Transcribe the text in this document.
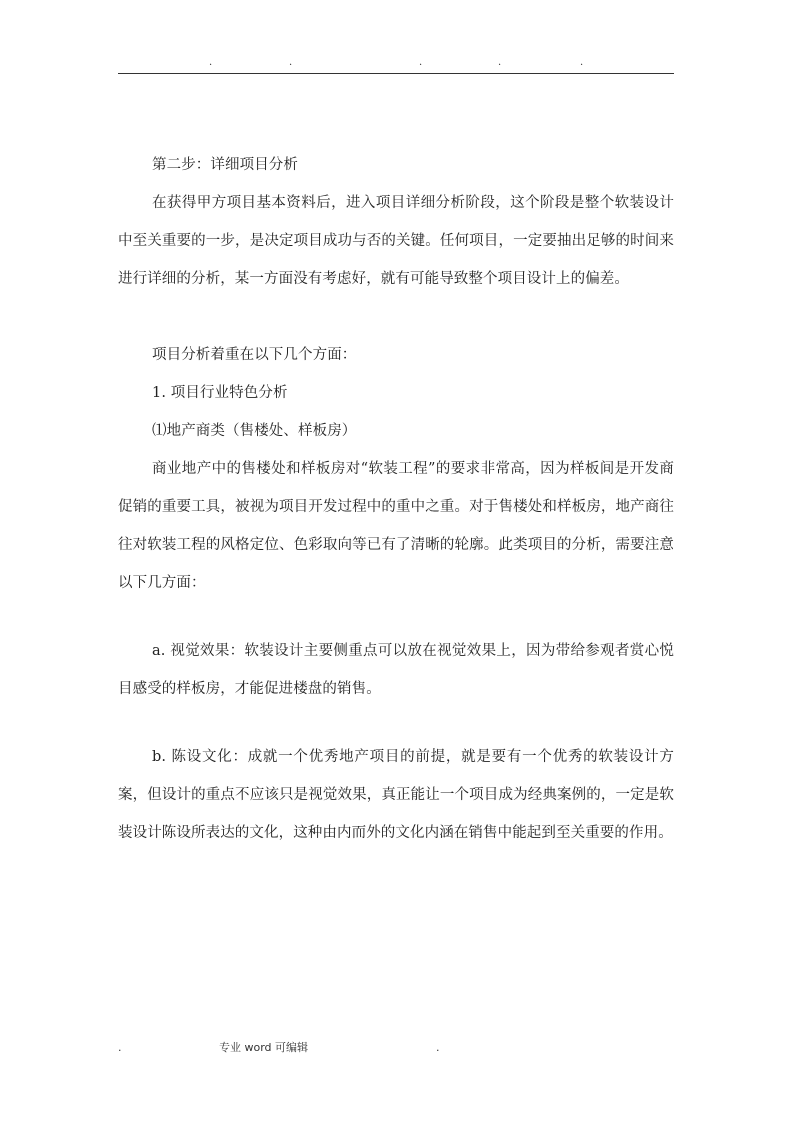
.	.	.	.	.

第二步：详细项目分析

在获得甲方项目基本资料后，进入项目详细分析阶段，这个阶段是整个软装设计中至关重要的一步，是决定项目成功与否的关键。任何项目，一定要抽出足够的时间来进行详细的分析，某一方面没有考虑好，就有可能导致整个项目设计上的偏差。

项目分析着重在以下几个方面：

1. 项目行业特色分析

⑴地产商类（售楼处、样板房）

商业地产中的售楼处和样板房对“软装工程”的要求非常高，因为样板间是开发商促销的重要工具，被视为项目开发过程中的重中之重。对于售楼处和样板房，地产商往往对软装工程的风格定位、色彩取向等已有了清晰的轮廓。此类项目的分析，需要注意以下几方面：

a. 视觉效果：软装设计主要侧重点可以放在视觉效果上，因为带给参观者赏心悦目感受的样板房，才能促进楼盘的销售。

b. 陈设文化：成就一个优秀地产项目的前提，就是要有一个优秀的软装设计方案，但设计的重点不应该只是视觉效果，真正能让一个项目成为经典案例的，一定是软装设计陈设所表达的文化，这种由内而外的文化内涵在销售中能起到至关重要的作用。

.	专业 word 可编辑	.
